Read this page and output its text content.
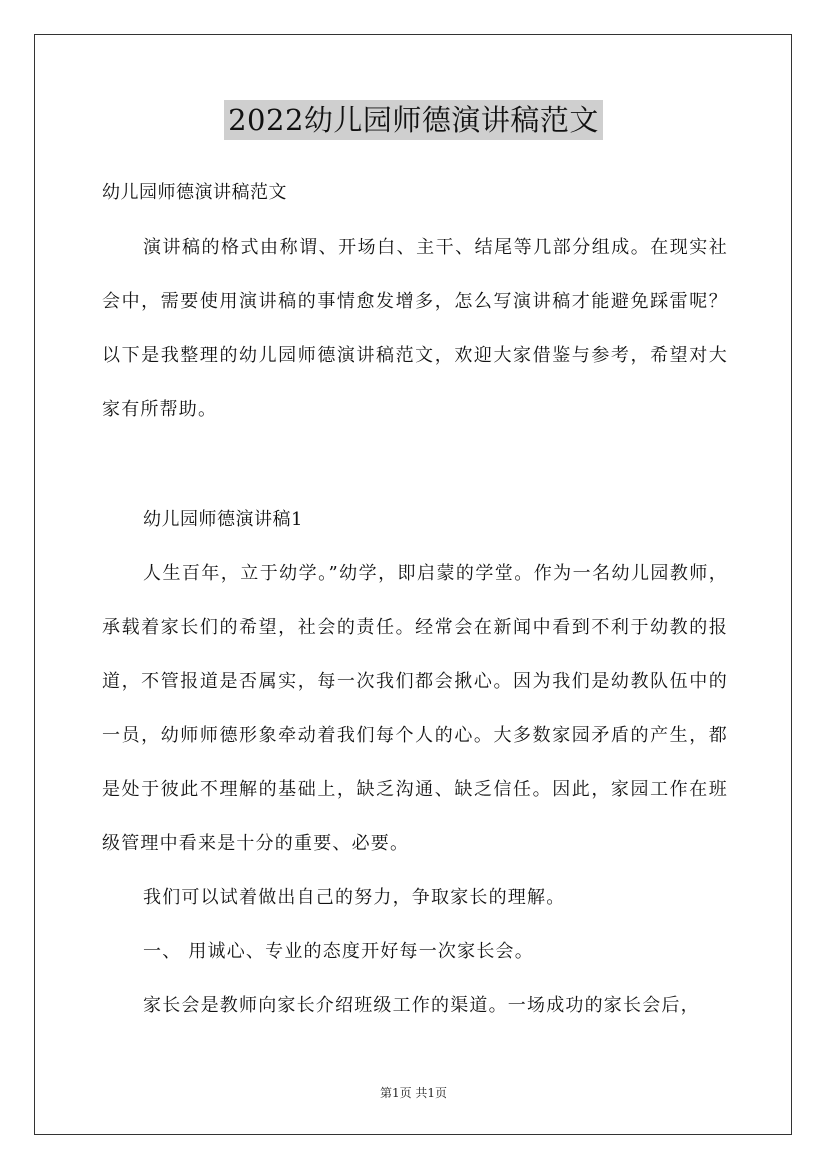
2022幼儿园师德演讲稿范文
幼儿园师德演讲稿范文
演讲稿的格式由称谓、开场白、主干、结尾等几部分组成。在现实社会中，需要使用演讲稿的事情愈发增多，怎么写演讲稿才能避免踩雷呢？以下是我整理的幼儿园师德演讲稿范文，欢迎大家借鉴与参考，希望对大家有所帮助。
幼儿园师德演讲稿1
人生百年，立于幼学。”幼学，即启蒙的学堂。作为一名幼儿园教师，承载着家长们的希望，社会的责任。经常会在新闻中看到不利于幼教的报道，不管报道是否属实，每一次我们都会揪心。因为我们是幼教队伍中的一员，幼师师德形象牵动着我们每个人的心。大多数家园矛盾的产生，都是处于彼此不理解的基础上，缺乏沟通、缺乏信任。因此，家园工作在班级管理中看来是十分的重要、必要。
我们可以试着做出自己的努力，争取家长的理解。
一、 用诚心、专业的态度开好每一次家长会。
家长会是教师向家长介绍班级工作的渠道。一场成功的家长会后，
第1页 共1页
